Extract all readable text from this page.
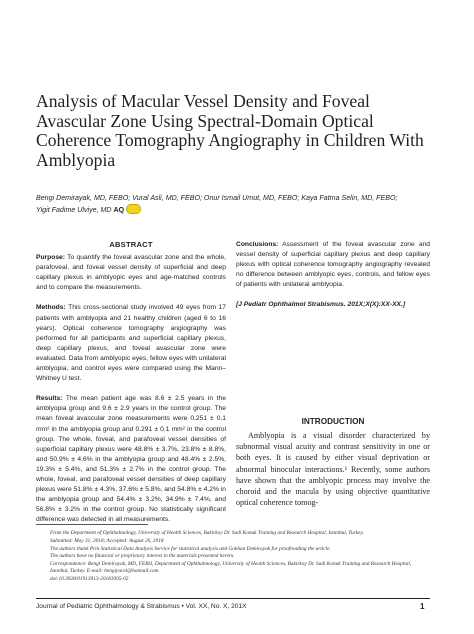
Analysis of Macular Vessel Density and Foveal Avascular Zone Using Spectral-Domain Optical Coherence Tomography Angiography in Children With Amblyopia
Bengi Demirayak, MD, FEBO; Vural Asli, MD, FEBO; Onur Ismail Umut, MD, FEBO; Kaya Fatma Selin, MD, FEBO;
Yigit Fadime Ulviye, MD AQ
ABSTRACT

Purpose: To quantify the foveal avascular zone and the whole, parafoveal, and foveal vessel density of superficial and deep capillary plexus in amblyopic eyes and age-matched controls and to compare the measurements.

Methods: This cross-sectional study involved 49 eyes from 17 patients with amblyopia and 21 healthy children (aged 6 to 16 years). Optical coherence tomography angiography was performed for all participants and superficial capillary plexus, deep capillary plexus, and foveal avascular zone were evaluated. Data from amblyopic eyes, fellow eyes with unilateral amblyopia, and control eyes were compared using the Mann–Whitney U test.

Results: The mean patient age was 8.6 ± 2.5 years in the amblyopia group and 9.6 ± 2.9 years in the control group. The mean foveal avascular zone measurements were 0.251 ± 0.1 mm² in the amblyopia group and 0.291 ± 0.1 mm² in the control group. The whole, foveal, and parafoveal vessel densities of superficial capillary plexus were 48.8% ± 3.7%, 23.8% ± 8.8%, and 50.9% ± 4.6% in the amblyopia group and 48.4% ± 2.5%, 19.3% ± 5.4%, and 51.3% ± 2.7% in the control group. The whole, foveal, and parafoveal vessel densities of deep capillary plexus were 51.8% ± 4.3%, 37.6% ± 5.8%, and 54.8% ± 4.2% in the amblyopia group and 54.4% ± 3.2%, 34.9% ± 7.4%, and 56.8% ± 3.2% in the control group. No statistically significant difference was detected in all measurements.

Conclusions: Assessment of the foveal avascular zone and vessel density of superficial capillary plexus and deep capillary plexus with optical coherence tomography angiography revealed no difference between amblyopic eyes, controls, and fellow eyes of patients with unilateral amblyopia.

[J Pediatr Ophthalmol Strabismus. 201X;X(X):XX-XX.]
INTRODUCTION
Amblyopia is a visual disorder characterized by subnormal visual acuity and contrast sensitivity in one or both eyes. It is caused by either visual deprivation or abnormal binocular interactions.¹ Recently, some authors have shown that the amblyopic process may involve the choroid and the macula by using objective quantitative optical coherence tomog-
From the Department of Ophthalmology, University of Health Sciences, Bakirkoy Dr. Sadi Konuk Training and Research Hospital, Istanbul, Turkey.
Submitted: May 31, 2018; Accepted: August 20, 2018
The authors thank Prin Statistical Data Analysis Service for statistical analysis and Gokhan Demirayak for proofreading the article.
The authors have no financial or proprietary interest in the materials presented herein.
Correspondence: Bengi Demirayak, MD, FEBO, Department of Ophthalmology, University of Health Sciences, Bakirkoy Dr. Sadi Konuk Training and Research Hospital, Istanbul, Turkey. E-mail: bengiyucel@hotmail.com
doi:10.3928/01913913-20181005-02
Journal of Pediatric Ophthalmology & Strabismus • Vol. XX, No. X, 201X	1
